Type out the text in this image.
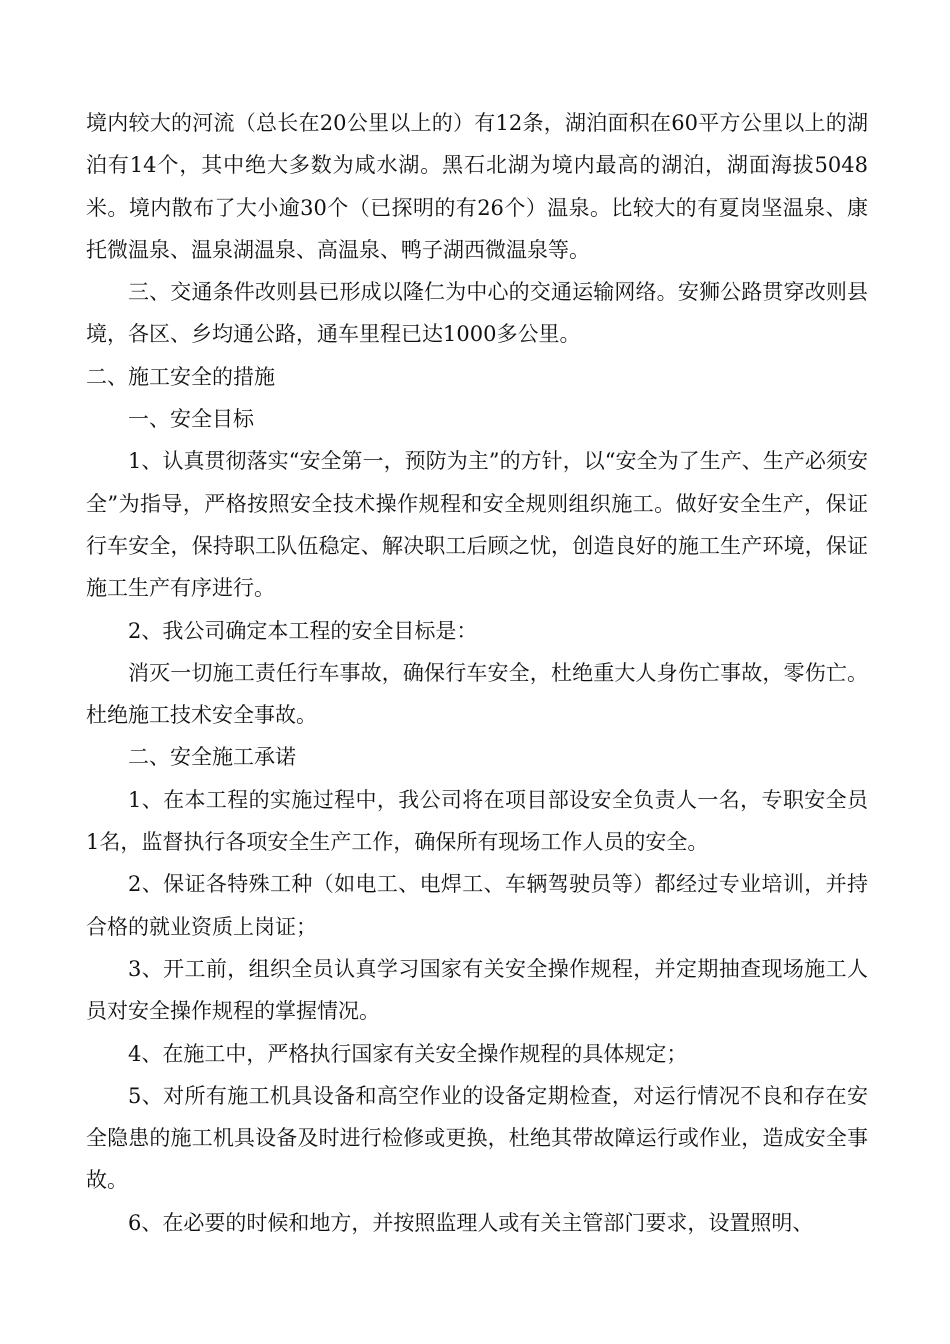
境内较大的河流（总长在20公里以上的）有12条，湖泊面积在60平方公里以上的湖泊有14个，其中绝大多数为咸水湖。黑石北湖为境内最高的湖泊，湖面海拔5048米。境内散布了大小逾30个（已探明的有26个）温泉。比较大的有夏岗坚温泉、康托微温泉、温泉湖温泉、高温泉、鸭子湖西微温泉等。

三、交通条件改则县已形成以隆仁为中心的交通运输网络。安狮公路贯穿改则县境，各区、乡均通公路，通车里程已达1000多公里。

二、施工安全的措施

一、安全目标

1、认真贯彻落实“安全第一，预防为主”的方针，以“安全为了生产、生产必须安全”为指导，严格按照安全技术操作规程和安全规则组织施工。做好安全生产，保证行车安全，保持职工队伍稳定、解决职工后顾之忧，创造良好的施工生产环境，保证施工生产有序进行。

2、我公司确定本工程的安全目标是：

消灭一切施工责任行车事故，确保行车安全，杜绝重大人身伤亡事故，零伤亡。杜绝施工技术安全事故。

二、安全施工承诺

1、在本工程的实施过程中，我公司将在项目部设安全负责人一名，专职安全员1名，监督执行各项安全生产工作，确保所有现场工作人员的安全。

2、保证各特殊工种（如电工、电焊工、车辆驾驶员等）都经过专业培训，并持合格的就业资质上岗证；

3、开工前，组织全员认真学习国家有关安全操作规程，并定期抽查现场施工人员对安全操作规程的掌握情况。

4、在施工中，严格执行国家有关安全操作规程的具体规定；

5、对所有施工机具设备和高空作业的设备定期检查，对运行情况不良和存在安全隐患的施工机具设备及时进行检修或更换，杜绝其带故障运行或作业，造成安全事故。

6、在必要的时候和地方，并按照监理人或有关主管部门要求，设置照明、
